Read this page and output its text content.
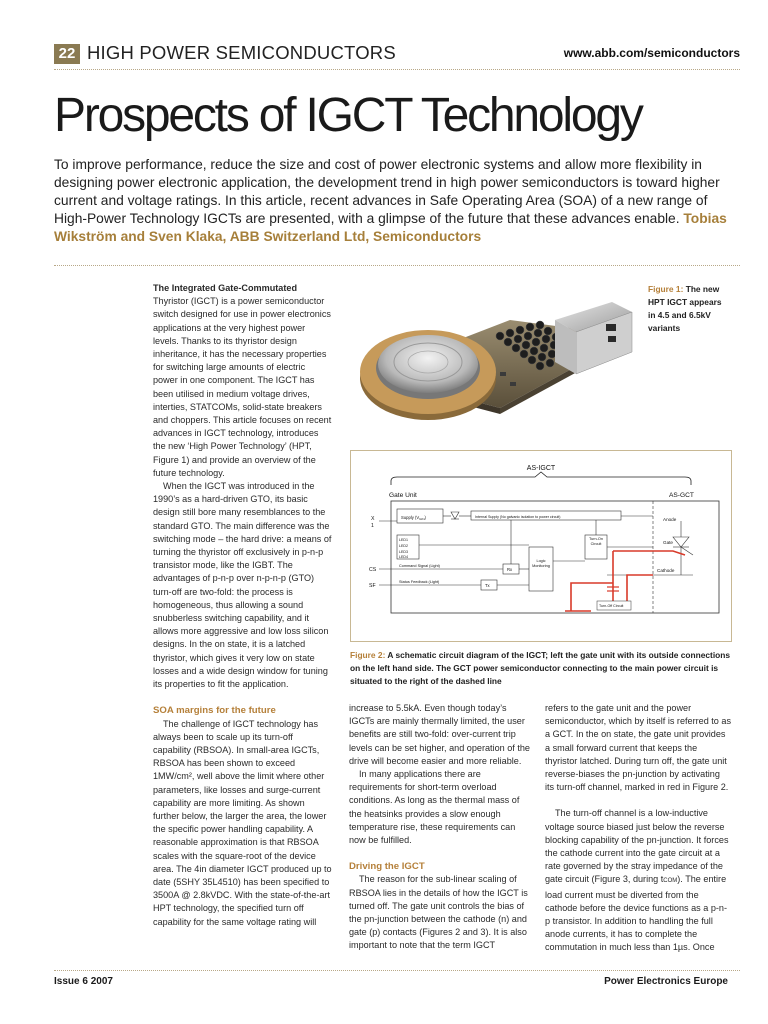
22 HIGH POWER SEMICONDUCTORS	www.abb.com/semiconductors
Prospects of IGCT Technology
To improve performance, reduce the size and cost of power electronic systems and allow more flexibility in designing power electronic application, the development trend in high power semiconductors is toward higher current and voltage ratings. In this article, recent advances in Safe Operating Area (SOA) of a new range of High-Power Technology IGCTs are presented, with a glimpse of the future that these advances enable. Tobias Wikström and Sven Klaka, ABB Switzerland Ltd, Semiconductors

The Integrated Gate-Commutated

Thyristor (IGCT) is a power semiconductor switch designed for use in power electronics applications at the very highest power levels. Thanks to its thyristor design inheritance, it has the necessary properties for switching large amounts of electric power in one component. The IGCT has been utilised in medium voltage drives, interties, STATCOMs, solid-state breakers and choppers. This article focuses on recent advances in IGCT technology, introduces the new ‘High Power Technology’ (HPT, Figure 1) and provide an overview of the future technology.

When the IGCT was introduced in the 1990’s as a hard-driven GTO, its basic design still bore many resemblances to the standard GTO. The main difference was the switching mode – the hard drive: a means of turning the thyristor off exclusively in p-n-p transistor mode, like the IGBT. The advantages of p-n-p over n-p-n-p (GTO) turn-off are two-fold: the process is homogeneous, thus allowing a sound snubberless switching capability, and it allows more aggressive and low loss silicon designs. In the on state, it is a latched thyristor, which gives it very low on state losses and a wide design window for tuning its properties to fit the application.

SOA margins for the future

The challenge of IGCT technology has always been to scale up its turn-off capability (RBSOA). In small-area IGCTs, RBSOA has been shown to exceed 1MW/cm², well above the limit where other parameters, like losses and surge-current capability are more limiting. As shown further below, the larger the area, the lower the specific power handling capability. A reasonable approximation is that RBSOA scales with the square-root of the device area. The 4in diameter IGCT produced up to date (5SHY 35L4510) has been specified to 3500A @ 2.8kVDC. With the state-of-the-art HPT technology, the specified turn off capability for the same voltage rating will

Figure 1: The new HPT IGCT appears in 4.5 and 6.5kV variants
AS-IGCT
Gate Unit	AS-GCT
X
1
CS
SF
Supply $(V_{GIN})$	Internal Supply (No galvanic isolation to power circuit)
LED1
LED2
LED3
LED4
Command Signal (Light)
Status Feedback (Light)
Rx
Tx
Logic Monitoring
Turn-On Circuit
Turn-Off Circuit
Anode
Gate
Cathode
Figure 2: A schematic circuit diagram of the IGCT; left the gate unit with its outside connections on the left hand side. The GCT power semiconductor connecting to the main power circuit is situated to the right of the dashed line

increase to 5.5kA. Even though today’s IGCTs are mainly thermally limited, the user benefits are still two-fold: over-current trip levels can be set higher, and operation of the drive will become easier and more reliable.

In many applications there are requirements for short-term overload conditions. As long as the thermal mass of the heatsinks provides a slow enough temperature rise, these requirements can now be fulfilled.

Driving the IGCT

The reason for the sub-linear scaling of RBSOA lies in the details of how the IGCT is turned off. The gate unit controls the bias of the pn-junction between the cathode (n) and gate (p) contacts (Figures 2 and 3). It is also important to note that the term IGCT

refers to the gate unit and the power semiconductor, which by itself is referred to as a GCT. In the on state, the gate unit provides a small forward current that keeps the thyristor latched. During turn off, the gate unit reverse-biases the pn-junction by activating its turn-off channel, marked in red in Figure 2.

The turn-off channel is a low-inductive voltage source biased just below the reverse blocking capability of the pn-junction. It forces the cathode current into the gate circuit at a rate governed by the stray impedance of the gate circuit (Figure 3, during tCOM). The entire load current must be diverted from the cathode before the device functions as a p-n-p transistor. In addition to handling the full anode currents, it has to complete the commutation in much less than 1µs. Once

Issue 6 2007	Power Electronics Europe
